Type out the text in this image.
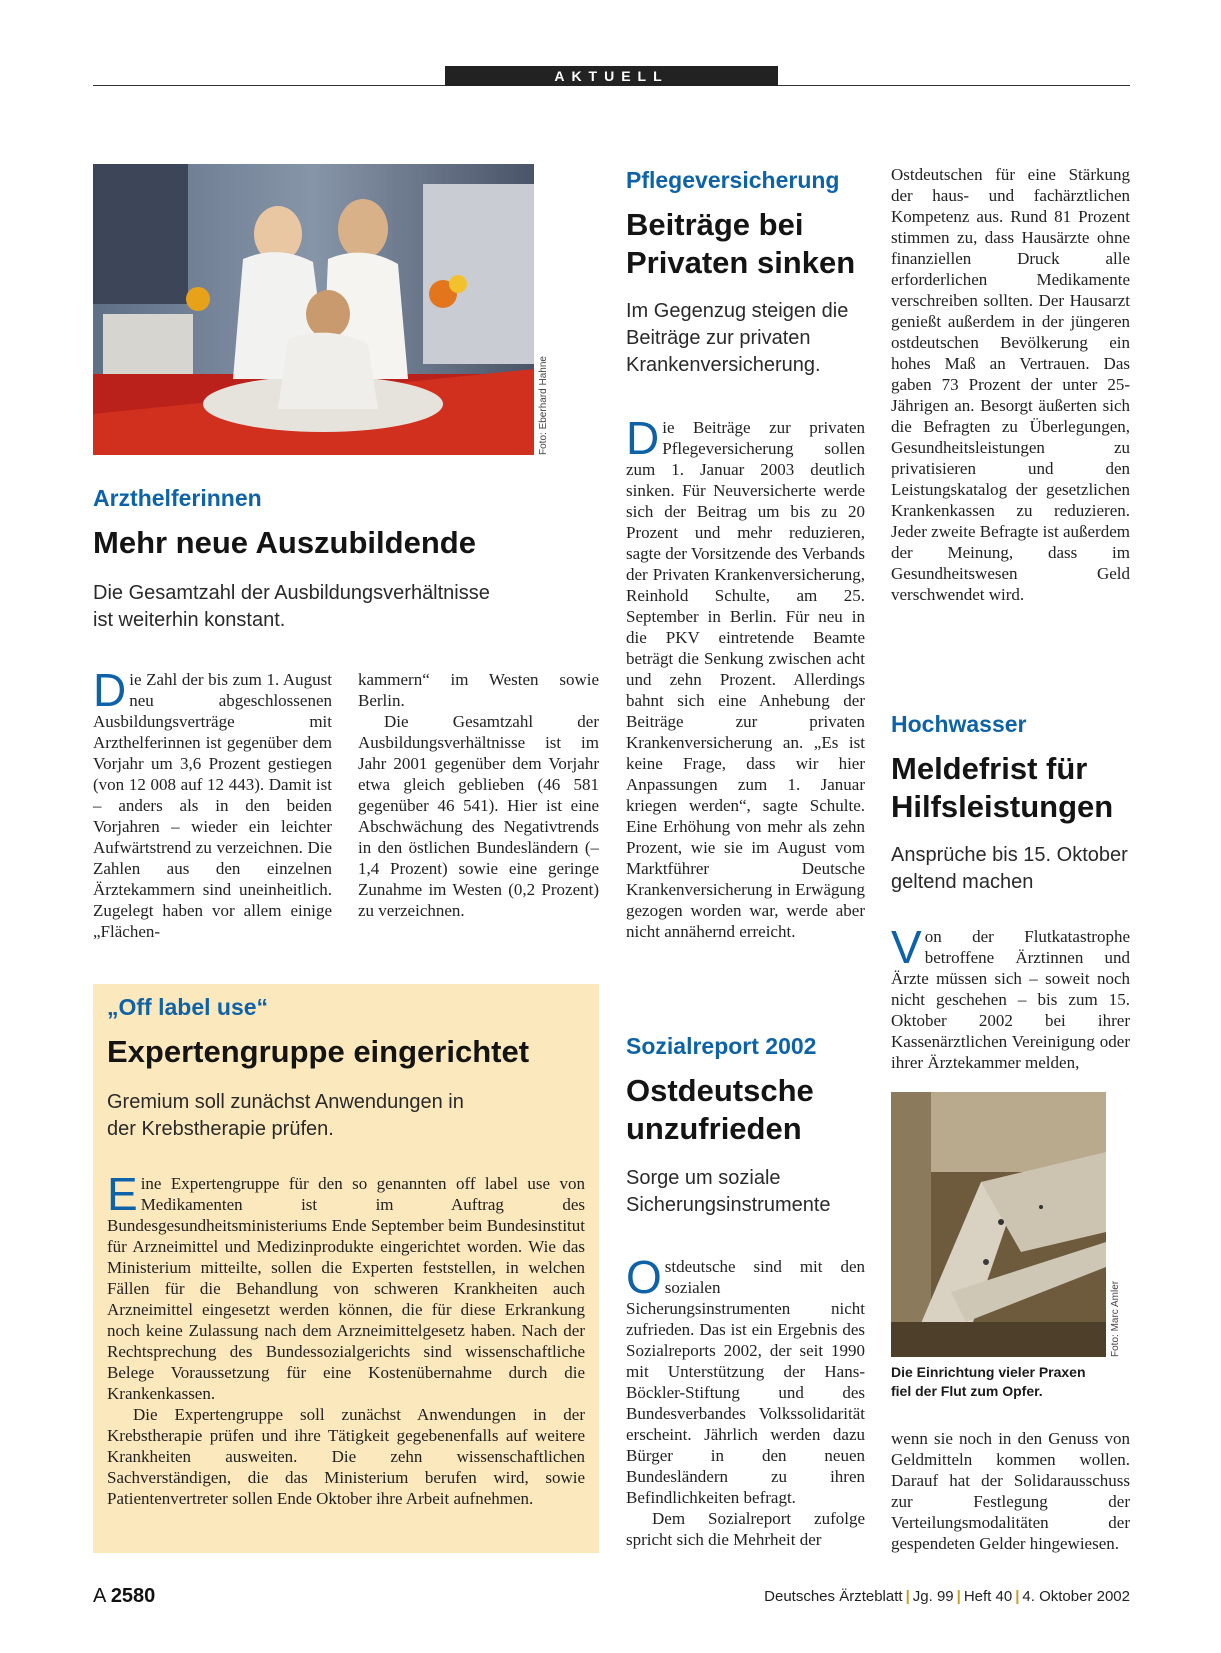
AKTUELL
Foto: Eberhard Hahne
Arzthelferinnen
Mehr neue Auszubildende

Die Gesamtzahl der Ausbildungsverhältnisse ist weiterhin konstant.

Die Zahl der bis zum 1. August neu abgeschlossenen Ausbildungsverträge mit Arzthelferinnen ist gegenüber dem Vorjahr um 3,6 Prozent gestiegen (von 12 008 auf 12 443). Damit ist – anders als in den beiden Vorjahren – wieder ein leichter Aufwärtstrend zu verzeichnen. Die Zahlen aus den einzelnen Ärztekammern sind uneinheitlich. Zugelegt haben vor allem einige „Flächen-

kammern“ im Westen sowie Berlin.

Die Gesamtzahl der Ausbildungsverhältnisse ist im Jahr 2001 gegenüber dem Vorjahr etwa gleich geblieben (46 581 gegenüber 46 541). Hier ist eine Abschwächung des Negativtrends in den östlichen Bundesländern (–1,4 Prozent) sowie eine geringe Zunahme im Westen (0,2 Prozent) zu verzeichnen.

„Off label use“
Expertengruppe eingerichtet

Gremium soll zunächst Anwendungen in der Krebstherapie prüfen.

Eine Expertengruppe für den so genannten off label use von Medikamenten ist im Auftrag des Bundesgesundheitsministeriums Ende September beim Bundesinstitut für Arzneimittel und Medizinprodukte eingerichtet worden. Wie das Ministerium mitteilte, sollen die Experten feststellen, in welchen Fällen für die Behandlung von schweren Krankheiten auch Arzneimittel eingesetzt werden können, die für diese Erkrankung noch keine Zulassung nach dem Arzneimittelgesetz haben. Nach der Rechtsprechung des Bundessozialgerichts sind wissenschaftliche Belege Voraussetzung für eine Kostenübernahme durch die Krankenkassen.

Die Expertengruppe soll zunächst Anwendungen in der Krebstherapie prüfen und ihre Tätigkeit gegebenenfalls auf weitere Krankheiten ausweiten. Die zehn wissenschaftlichen Sachverständigen, die das Ministerium berufen wird, sowie Patientenvertreter sollen Ende Oktober ihre Arbeit aufnehmen.

Pflegeversicherung
Beiträge bei Privaten sinken

Im Gegenzug steigen die Beiträge zur privaten Krankenversicherung.

Die Beiträge zur privaten Pflegeversicherung sollen zum 1. Januar 2003 deutlich sinken. Für Neuversicherte werde sich der Beitrag um bis zu 20 Prozent und mehr reduzieren, sagte der Vorsitzende des Verbands der Privaten Krankenversicherung, Reinhold Schulte, am 25. September in Berlin. Für neu in die PKV eintretende Beamte beträgt die Senkung zwischen acht und zehn Prozent. Allerdings bahnt sich eine Anhebung der Beiträge zur privaten Krankenversicherung an. „Es ist keine Frage, dass wir hier Anpassungen zum 1. Januar kriegen werden“, sagte Schulte. Eine Erhöhung von mehr als zehn Prozent, wie sie im August vom Marktführer Deutsche Krankenversicherung in Erwägung gezogen worden war, werde aber nicht annähernd erreicht.

Sozialreport 2002
Ostdeutsche unzufrieden

Sorge um soziale Sicherungsinstrumente

Ostdeutsche sind mit den sozialen Sicherungsinstrumenten nicht zufrieden. Das ist ein Ergebnis des Sozialreports 2002, der seit 1990 mit Unterstützung der Hans-Böckler-Stiftung und des Bundesverbandes Volkssolidarität erscheint. Jährlich werden dazu Bürger in den neuen Bundesländern zu ihren Befindlichkeiten befragt.

Dem Sozialreport zufolge spricht sich die Mehrheit der

Ostdeutschen für eine Stärkung der haus- und fachärztlichen Kompetenz aus. Rund 81 Prozent stimmen zu, dass Hausärzte ohne finanziellen Druck alle erforderlichen Medikamente verschreiben sollten. Der Hausarzt genießt außerdem in der jüngeren ostdeutschen Bevölkerung ein hohes Maß an Vertrauen. Das gaben 73 Prozent der unter 25-Jährigen an. Besorgt äußerten sich die Befragten zu Überlegungen, Gesundheitsleistungen zu privatisieren und den Leistungskatalog der gesetzlichen Krankenkassen zu reduzieren. Jeder zweite Befragte ist außerdem der Meinung, dass im Gesundheitswesen Geld verschwendet wird.

Hochwasser
Meldefrist für Hilfsleistungen

Ansprüche bis 15. Oktober geltend machen

Von der Flutkatastrophe betroffene Ärztinnen und Ärzte müssen sich – soweit noch nicht geschehen – bis zum 15. Oktober 2002 bei ihrer Kassenärztlichen Vereinigung oder ihrer Ärztekammer melden,

Foto: Marc Amler
Die Einrichtung vieler Praxen fiel der Flut zum Opfer.

wenn sie noch in den Genuss von Geldmitteln kommen wollen. Darauf hat der Solidarausschuss zur Festlegung der Verteilungsmodalitäten der gespendeten Gelder hingewiesen.

A 2580	Deutsches Ärzteblatt | Jg. 99 | Heft 40 | 4. Oktober 2002
